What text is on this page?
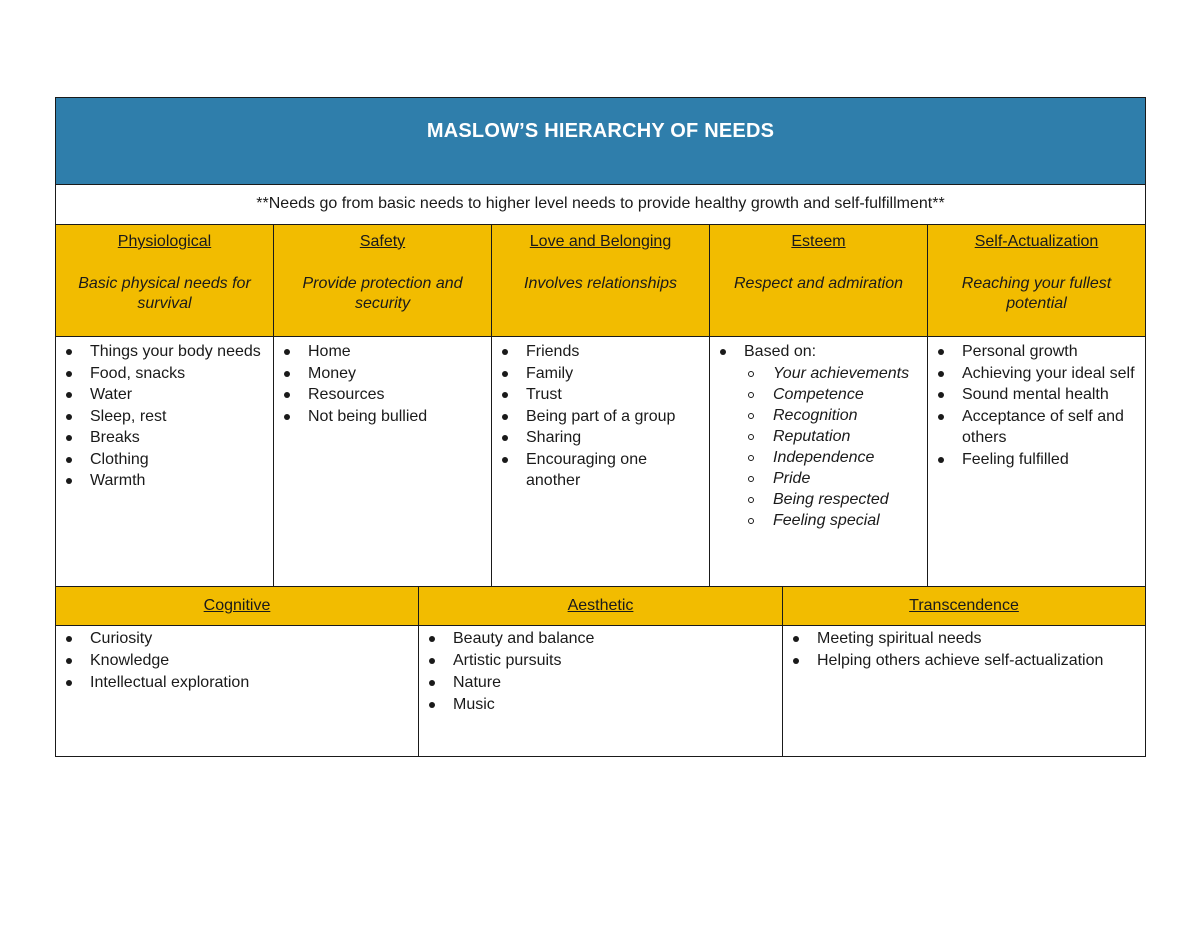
MASLOW’S HIERARCHY OF NEEDS
**Needs go from basic needs to higher level needs to provide healthy growth and self-fulfillment**
Physiological
Basic physical needs for survival
Safety
Provide protection and security
Love and Belonging
Involves relationships
Esteem
Respect and admiration
Self-Actualization
Reaching your fullest potential
Things your body needs
Food, snacks
Water
Sleep, rest
Breaks
Clothing
Warmth
Home
Money
Resources
Not being bullied
Friends
Family
Trust
Being part of a group
Sharing
Encouraging one another
Based on:
Your achievements
Competence
Recognition
Reputation
Independence
Pride
Being respected
Feeling special
Personal growth
Achieving your ideal self
Sound mental health
Acceptance of self and others
Feeling fulfilled
Cognitive	Aesthetic	Transcendence
Curiosity
Knowledge
Intellectual exploration
Beauty and balance
Artistic pursuits
Nature
Music
Meeting spiritual needs
Helping others achieve self-actualization
